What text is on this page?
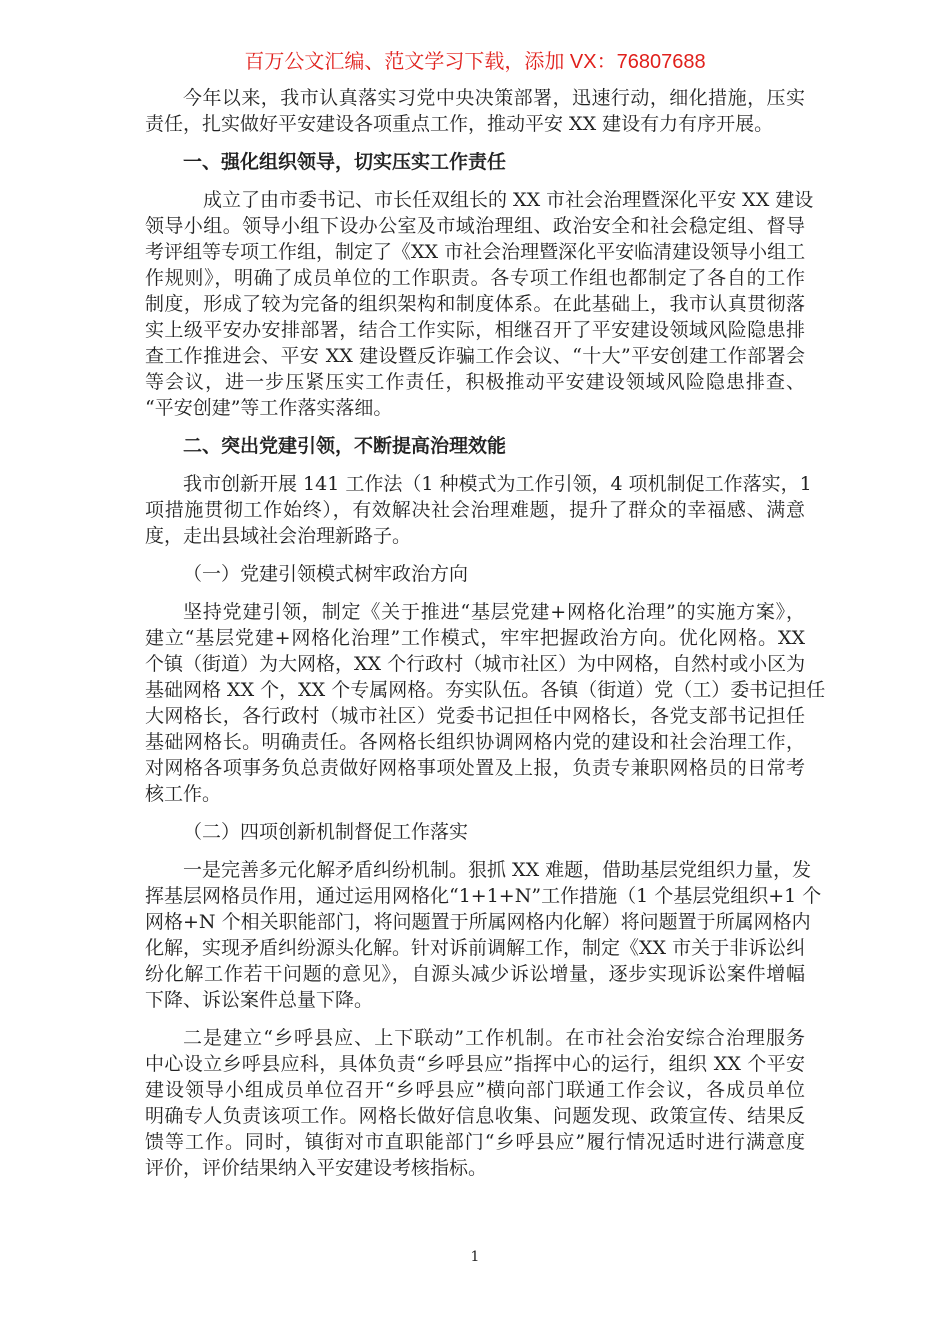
百万公文汇编、范文学习下载，添加 VX：76807688
今年以来，我市认真落实习党中央决策部署，迅速行动，细化措施，压实
责任，扎实做好平安建设各项重点工作，推动平安 XX 建设有力有序开展。
一、强化组织领导，切实压实工作责任
成立了由市委书记、市长任双组长的 XX 市社会治理暨深化平安 XX 建设
领导小组。领导小组下设办公室及市域治理组、政治安全和社会稳定组、督导
考评组等专项工作组，制定了《XX 市社会治理暨深化平安临清建设领导小组工
作规则》，明确了成员单位的工作职责。各专项工作组也都制定了各自的工作
制度，形成了较为完备的组织架构和制度体系。在此基础上，我市认真贯彻落
实上级平安办安排部署，结合工作实际，相继召开了平安建设领域风险隐患排
查工作推进会、平安 XX 建设暨反诈骗工作会议、“十大”平安创建工作部署会
等会议，进一步压紧压实工作责任，积极推动平安建设领域风险隐患排查、
“平安创建”等工作落实落细。
二、突出党建引领，不断提高治理效能
我市创新开展 141 工作法（1 种模式为工作引领，4 项机制促工作落实，1
项措施贯彻工作始终），有效解决社会治理难题，提升了群众的幸福感、满意
度，走出县域社会治理新路子。
（一）党建引领模式树牢政治方向
坚持党建引领，制定《关于推进“基层党建+网格化治理”的实施方案》，
建立“基层党建+网格化治理”工作模式，牢牢把握政治方向。优化网格。XX
个镇（街道）为大网格，XX 个行政村（城市社区）为中网格，自然村或小区为
基础网格 XX 个，XX 个专属网格。夯实队伍。各镇（街道）党（工）委书记担任
大网格长，各行政村（城市社区）党委书记担任中网格长，各党支部书记担任
基础网格长。明确责任。各网格长组织协调网格内党的建设和社会治理工作，
对网格各项事务负总责做好网格事项处置及上报，负责专兼职网格员的日常考
核工作。
（二）四项创新机制督促工作落实
一是完善多元化解矛盾纠纷机制。狠抓 XX 难题，借助基层党组织力量，发
挥基层网格员作用，通过运用网格化“1+1+N”工作措施（1 个基层党组织+1 个
网格+N 个相关职能部门，将问题置于所属网格内化解）将问题置于所属网格内
化解，实现矛盾纠纷源头化解。针对诉前调解工作，制定《XX 市关于非诉讼纠
纷化解工作若干问题的意见》，自源头减少诉讼增量，逐步实现诉讼案件增幅
下降、诉讼案件总量下降。
二是建立“乡呼县应、上下联动”工作机制。在市社会治安综合治理服务
中心设立乡呼县应科，具体负责“乡呼县应”指挥中心的运行，组织 XX 个平安
建设领导小组成员单位召开“乡呼县应”横向部门联通工作会议，各成员单位
明确专人负责该项工作。网格长做好信息收集、问题发现、政策宣传、结果反
馈等工作。同时，镇街对市直职能部门“乡呼县应”履行情况适时进行满意度
评价，评价结果纳入平安建设考核指标。
1
